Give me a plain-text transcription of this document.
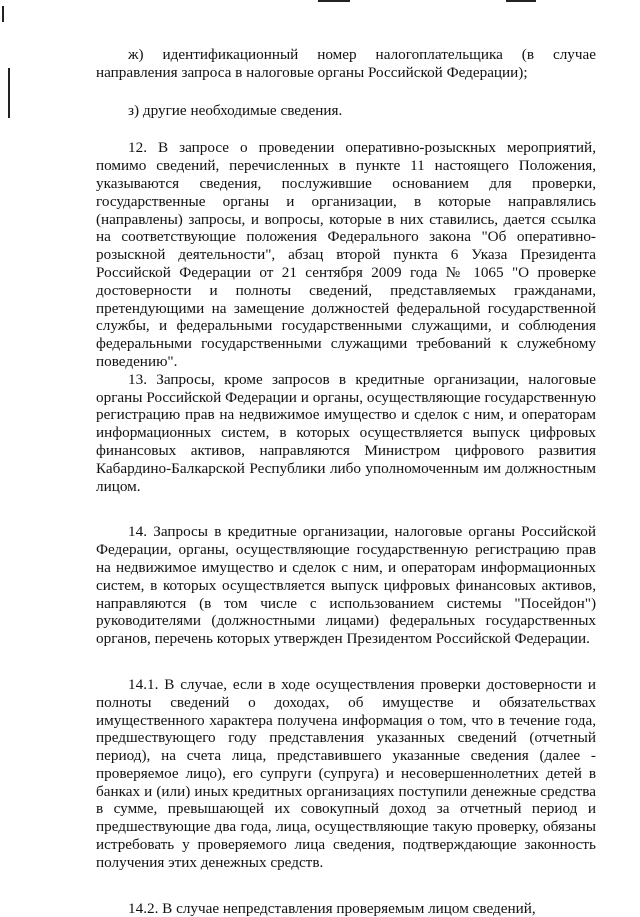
ж) идентификационный номер налогоплательщика (в случае направления запроса в налоговые органы Российской Федерации);

з) другие необходимые сведения.

12. В запросе о проведении оперативно-розыскных мероприятий, помимо сведений, перечисленных в пункте 11 настоящего Положения, указываются сведения, послужившие основанием для проверки, государственные органы и организации, в которые направлялись (направлены) запросы, и вопросы, которые в них ставились, дается ссылка на соответствующие положения Федерального закона "Об оперативно-розыскной деятельности", абзац второй пункта 6 Указа Президента Российской Федерации от 21 сентября 2009 года № 1065 "О проверке достоверности и полноты сведений, представляемых гражданами, претендующими на замещение должностей федеральной государственной службы, и федеральными государственными служащими, и соблюдения федеральными государственными служащими требований к служебному поведению".

13. Запросы, кроме запросов в кредитные организации, налоговые органы Российской Федерации и органы, осуществляющие государственную регистрацию прав на недвижимое имущество и сделок с ним, и операторам информационных систем, в которых осуществляется выпуск цифровых финансовых активов, направляются Министром цифрового развития Кабардино-Балкарской Республики либо уполномоченным им должностным лицом.

14. Запросы в кредитные организации, налоговые органы Российской Федерации, органы, осуществляющие государственную регистрацию прав на недвижимое имущество и сделок с ним, и операторам информационных систем, в которых осуществляется выпуск цифровых финансовых активов, направляются (в том числе с использованием системы "Посейдон") руководителями (должностными лицами) федеральных государственных органов, перечень которых утвержден Президентом Российской Федерации.

14.1. В случае, если в ходе осуществления проверки достоверности и полноты сведений о доходах, об имуществе и обязательствах имущественного характера получена информация о том, что в течение года, предшествующего году представления указанных сведений (отчетный период), на счета лица, представившего указанные сведения (далее - проверяемое лицо), его супруги (супруга) и несовершеннолетних детей в банках и (или) иных кредитных организациях поступили денежные средства в сумме, превышающей их совокупный доход за отчетный период и предшествующие два года, лица, осуществляющие такую проверку, обязаны истребовать у проверяемого лица сведения, подтверждающие законность получения этих денежных средств.

14.2. В случае непредставления проверяемым лицом сведений,
